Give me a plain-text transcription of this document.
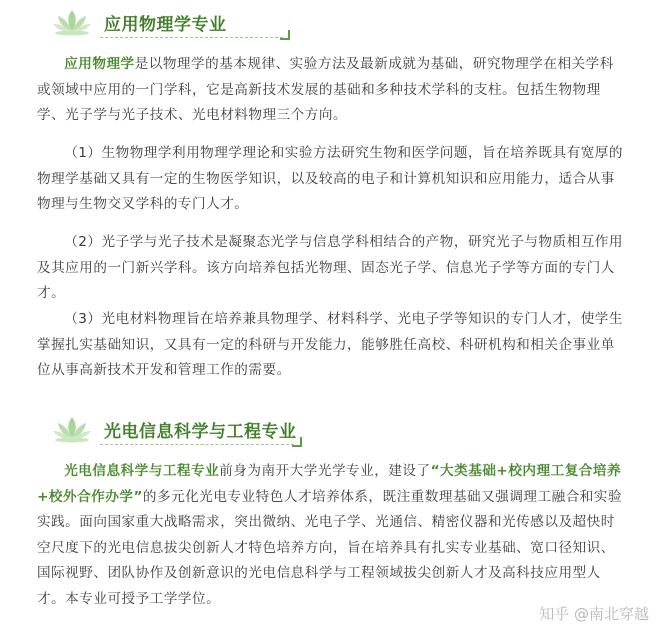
应用物理学专业

应用物理学是以物理学的基本规律、实验方法及最新成就为基础，研究物理学在相关学科或领域中应用的一门学科，它是高新技术发展的基础和多种技术学科的支柱。包括生物物理学、光子学与光子技术、光电材料物理三个方向。

（1）生物物理学利用物理学理论和实验方法研究生物和医学问题，旨在培养既具有宽厚的物理学基础又具有一定的生物医学知识，以及较高的电子和计算机知识和应用能力，适合从事物理与生物交叉学科的专门人才。

（2）光子学与光子技术是凝聚态光学与信息学科相结合的产物，研究光子与物质相互作用及其应用的一门新兴学科。该方向培养包括光物理、固态光子学、信息光子学等方面的专门人才。

（3）光电材料物理旨在培养兼具物理学、材料科学、光电子学等知识的专门人才，使学生掌握扎实基础知识，又具有一定的科研与开发能力，能够胜任高校、科研机构和相关企事业单位从事高新技术开发和管理工作的需要。

光电信息科学与工程专业

光电信息科学与工程专业前身为南开大学光学专业，建设了“大类基础+校内理工复合培养+校外合作办学”的多元化光电专业特色人才培养体系，既注重数理基础又强调理工融合和实验实践。面向国家重大战略需求，突出微纳、光电子学、光通信、精密仪器和光传感以及超快时空尺度下的光电信息拔尖创新人才特色培养方向，旨在培养具有扎实专业基础、宽口径知识、国际视野、团队协作及创新意识的光电信息科学与工程领域拔尖创新人才及高科技应用型人才。本专业可授予工学学位。

知乎 @南北穿越
